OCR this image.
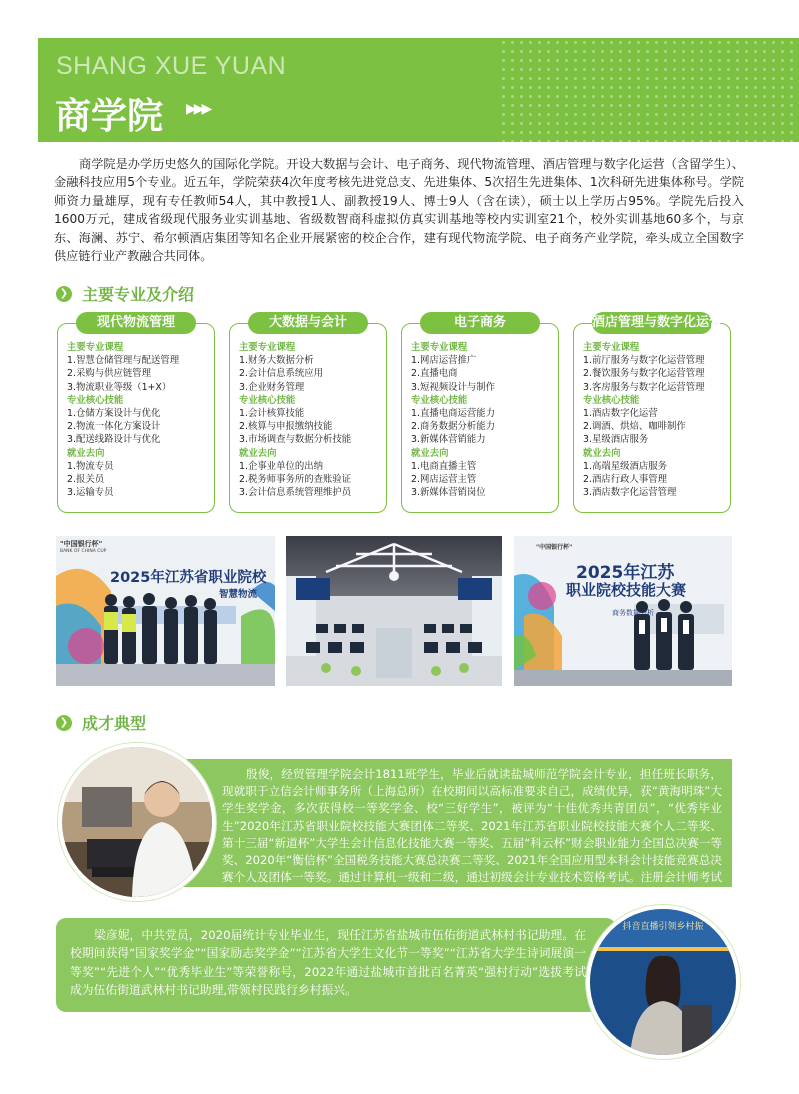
SHANG XUE YUAN
商学院 ▶▶▶
商学院是办学历史悠久的国际化学院。开设大数据与会计、电子商务、现代物流管理、酒店管理与数字化运营（含留学生）、金融科技应用5个专业。近五年，学院荣获4次年度考核先进党总支、先进集体、5次招生先进集体、1次科研先进集体称号。学院师资力量雄厚，现有专任教师54人，其中教授1人、副教授19人、博士9人（含在读），硕士以上学历占95%。学院先后投入1600万元，建成省级现代服务业实训基地、省级数智商科虚拟仿真实训基地等校内实训室21个，校外实训基地60多个，与京东、海澜、苏宁、希尔顿酒店集团等知名企业开展紧密的校企合作，建有现代物流学院、电子商务产业学院，牵头成立全国数字供应链行业产教融合共同体。
❯ 主要专业及介绍
现代物流管理
主要专业课程
1.智慧仓储管理与配送管理
2.采购与供应链管理
3.物流职业等级（1+X）
专业核心技能
1.仓储方案设计与优化
2.物流一体化方案设计
3.配送线路设计与优化
就业去向
1.物流专员
2.报关员
3.运输专员
大数据与会计
主要专业课程
1.财务大数据分析
2.会计信息系统应用
3.企业财务管理
专业核心技能
1.会计核算技能
2.核算与申报缴纳技能
3.市场调查与数据分析技能
就业去向
1.企事业单位的出纳
2.税务师事务所的查账验证
3.会计信息系统管理维护员
电子商务
主要专业课程
1.网店运营推广
2.直播电商
3.短视频设计与制作
专业核心技能
1.直播电商运营能力
2.商务数据分析能力
3.新媒体营销能力
就业去向
1.电商直播主管
2.网店运营主管
3.新媒体营销岗位
酒店管理与数字化运营
主要专业课程
1.前厅服务与数字化运营管理
2.餐饮服务与数字化运营管理
3.客房服务与数字化运营管理
专业核心技能
1.酒店数字化运营
2.调酒、烘焙、咖啡制作
3.星级酒店服务
就业去向
1.高端星级酒店服务
2.酒店行政人事管理
3.酒店数字化运营管理
"中国银行杯"
BANK OF CHINA CUP
2025年江苏省职业院校
智慧物流
"中国银行杯"
2025年江苏
职业院校技能大赛
商务数据分析
❯ 成才典型
殷俊，经贸管理学院会计1811班学生，毕业后就读盐城师范学院会计专业，担任班长职务，现就职于立信会计师事务所（上海总所）在校期间以高标准要求自己，成绩优异，获“黄海明珠”大学生奖学金，多次获得校一等奖学金、校“三好学生”，被评为“十佳优秀共青团员”，“优秀毕业生”2020年江苏省职业院校技能大赛团体二等奖、2021年江苏省职业院校技能大赛个人二等奖、第十三届“新道杯”大学生会计信息化技能大赛一等奖、五届“科云杯”财会职业能力全国总决赛一等奖、2020年“衡信杯”全国税务技能大赛总决赛二等奖、2021年全国应用型本科会计技能竞赛总决赛个人及团体一等奖。通过计算机一级和二级，通过初级会计专业技术资格考试。注册会计师考试通过会计、审计、财务成本管理、税法四科。
梁彦妮，中共党员，2020届统计专业毕业生，现任江苏省盐城市伍佑街道武林村书记助理。在校期间获得“国家奖学金”“国家励志奖学金”“江苏省大学生文化节一等奖”“江苏省大学生诗词展演一等奖”“先进个人”“优秀毕业生”等荣誉称号，2022年通过盐城市首批百名菁英“强村行动”选拔考试成为伍佑街道武林村书记助理,带领村民践行乡村振兴。
抖音直播引领乡村振
